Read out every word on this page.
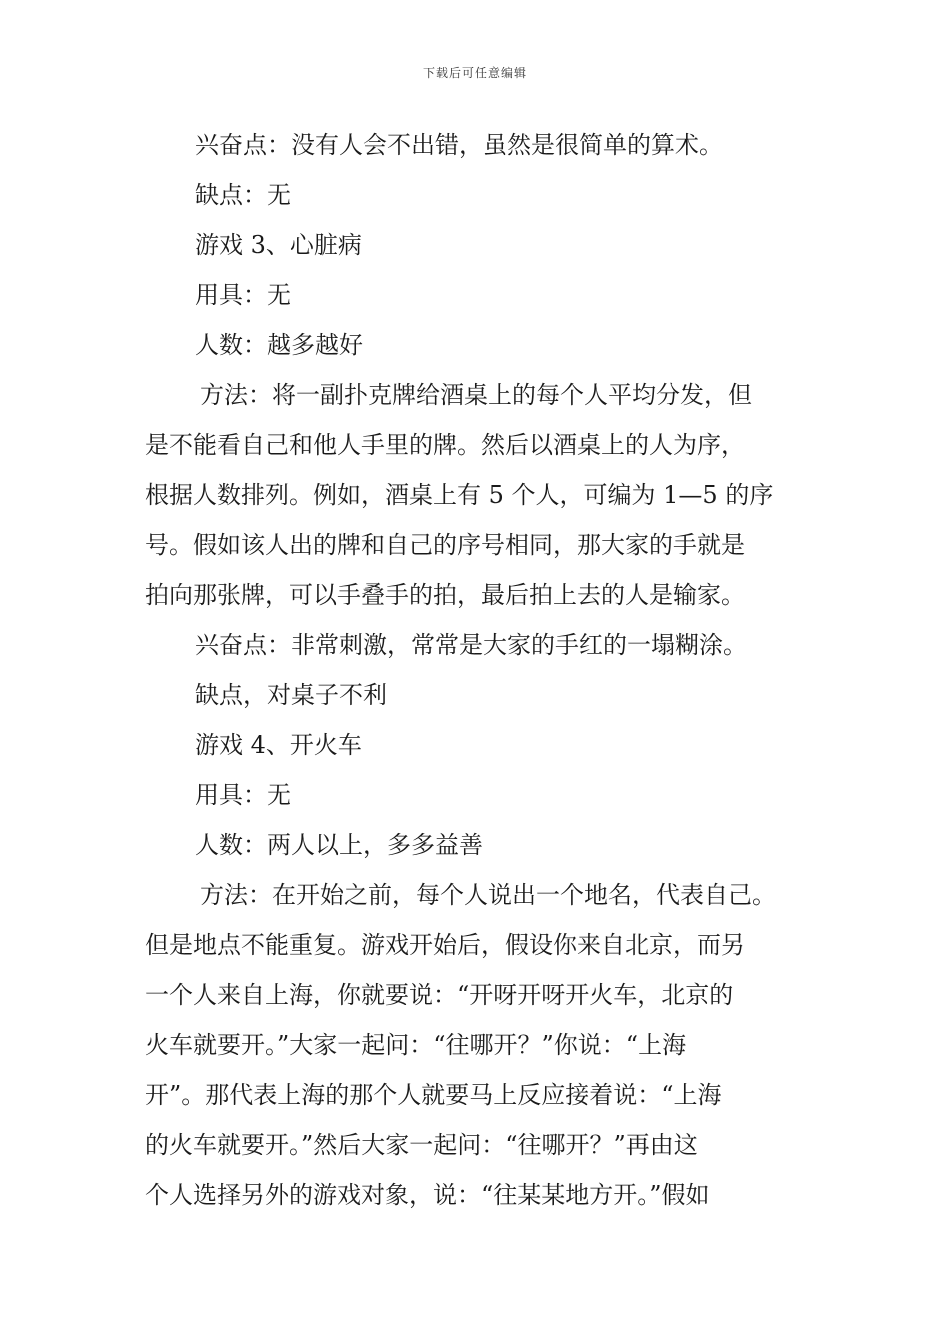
下载后可任意编辑
兴奋点：没有人会不出错，虽然是很简单的算术。
缺点：无
游戏 3、心脏病
用具：无
人数：越多越好
方法：将一副扑克牌给酒桌上的每个人平均分发，但
是不能看自己和他人手里的牌。然后以酒桌上的人为序，
根据人数排列。例如，酒桌上有 5 个人，可编为 1—5 的序
号。假如该人出的牌和自己的序号相同，那大家的手就是
拍向那张牌，可以手叠手的拍，最后拍上去的人是输家。
兴奋点：非常刺激，常常是大家的手红的一塌糊涂。
缺点，对桌子不利
游戏 4、开火车
用具：无
人数：两人以上，多多益善
方法：在开始之前，每个人说出一个地名，代表自己。
但是地点不能重复。游戏开始后，假设你来自北京，而另
一个人来自上海，你就要说：“开呀开呀开火车，北京的
火车就要开。”大家一起问：“往哪开？”你说：“上海
开”。那代表上海的那个人就要马上反应接着说：“上海
的火车就要开。”然后大家一起问：“往哪开？”再由这
个人选择另外的游戏对象，说：“往某某地方开。”假如
